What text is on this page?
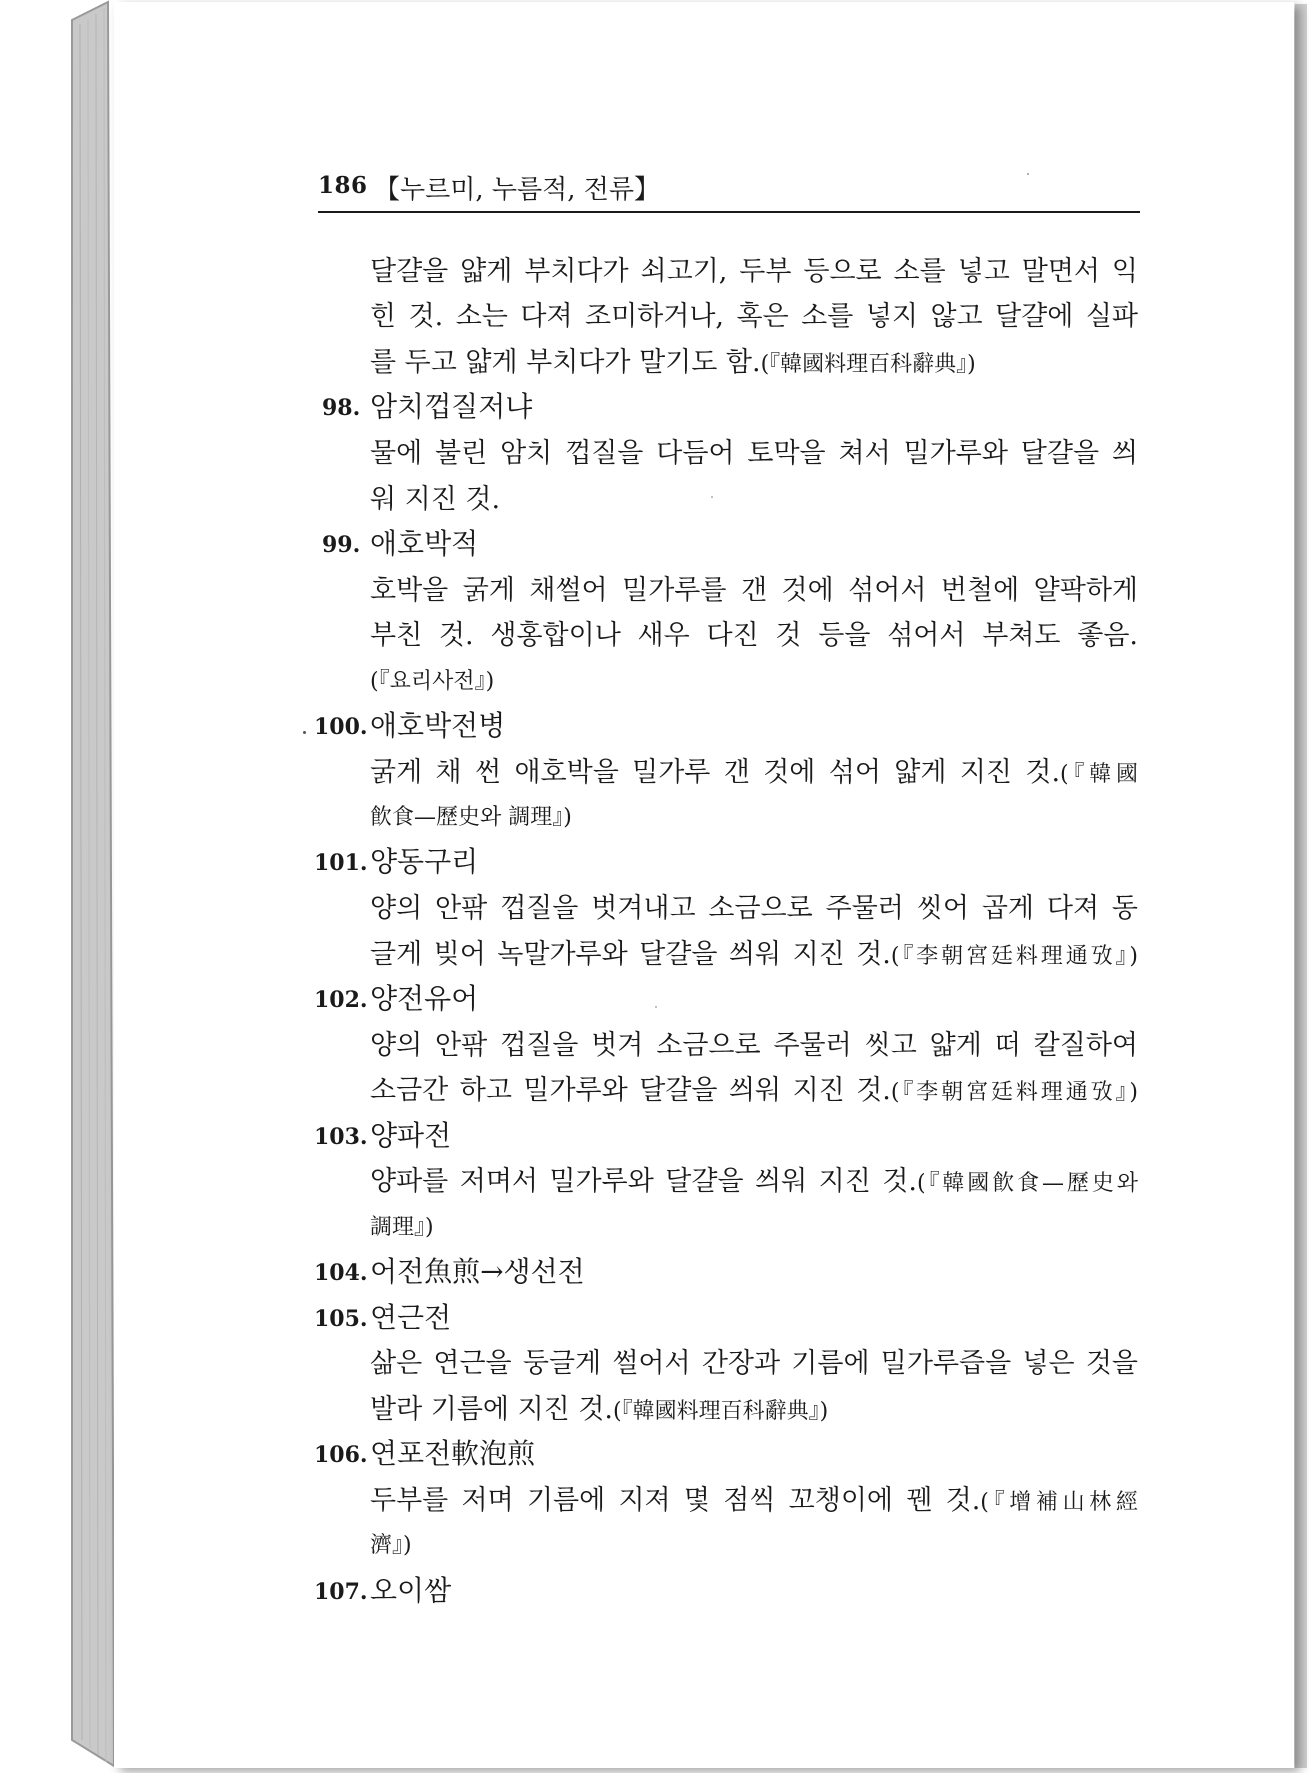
186 【누르미, 누름적, 전류】
달걀을 얇게 부치다가 쇠고기, 두부 등으로 소를 넣고 말면서 익
힌 것. 소는 다져 조미하거나, 혹은 소를 넣지 않고 달걀에 실파
를 두고 얇게 부치다가 말기도 함.(『韓國料理百科辭典』)
98. 암치껍질저냐
물에 불린 암치 껍질을 다듬어 토막을 쳐서 밀가루와 달걀을 씌
워 지진 것.
99. 애호박적
호박을 굵게 채썰어 밀가루를 갠 것에 섞어서 번철에 얄팍하게
부친 것. 생홍합이나 새우 다진 것 등을 섞어서 부쳐도 좋음.
(『요리사전』)
100. 애호박전병
굵게 채 썬 애호박을 밀가루 갠 것에 섞어 얇게 지진 것.(『韓國
飮食—歷史와 調理』)
101. 양동구리
양의 안팎 껍질을 벗겨내고 소금으로 주물러 씻어 곱게 다져 동
글게 빚어 녹말가루와 달걀을 씌워 지진 것.(『李朝宮廷料理通攷』)
102. 양전유어
양의 안팎 껍질을 벗겨 소금으로 주물러 씻고 얇게 떠 칼질하여
소금간 하고 밀가루와 달걀을 씌워 지진 것.(『李朝宮廷料理通攷』)
103. 양파전
양파를 저며서 밀가루와 달걀을 씌워 지진 것.(『韓國飮食—歷史와
調理』)
104. 어전魚煎→생선전
105. 연근전
삶은 연근을 둥글게 썰어서 간장과 기름에 밀가루즙을 넣은 것을
발라 기름에 지진 것.(『韓國料理百科辭典』)
106. 연포전軟泡煎
두부를 저며 기름에 지져 몇 점씩 꼬챙이에 꿴 것.(『增補山林經
濟』)
107. 오이쌈
